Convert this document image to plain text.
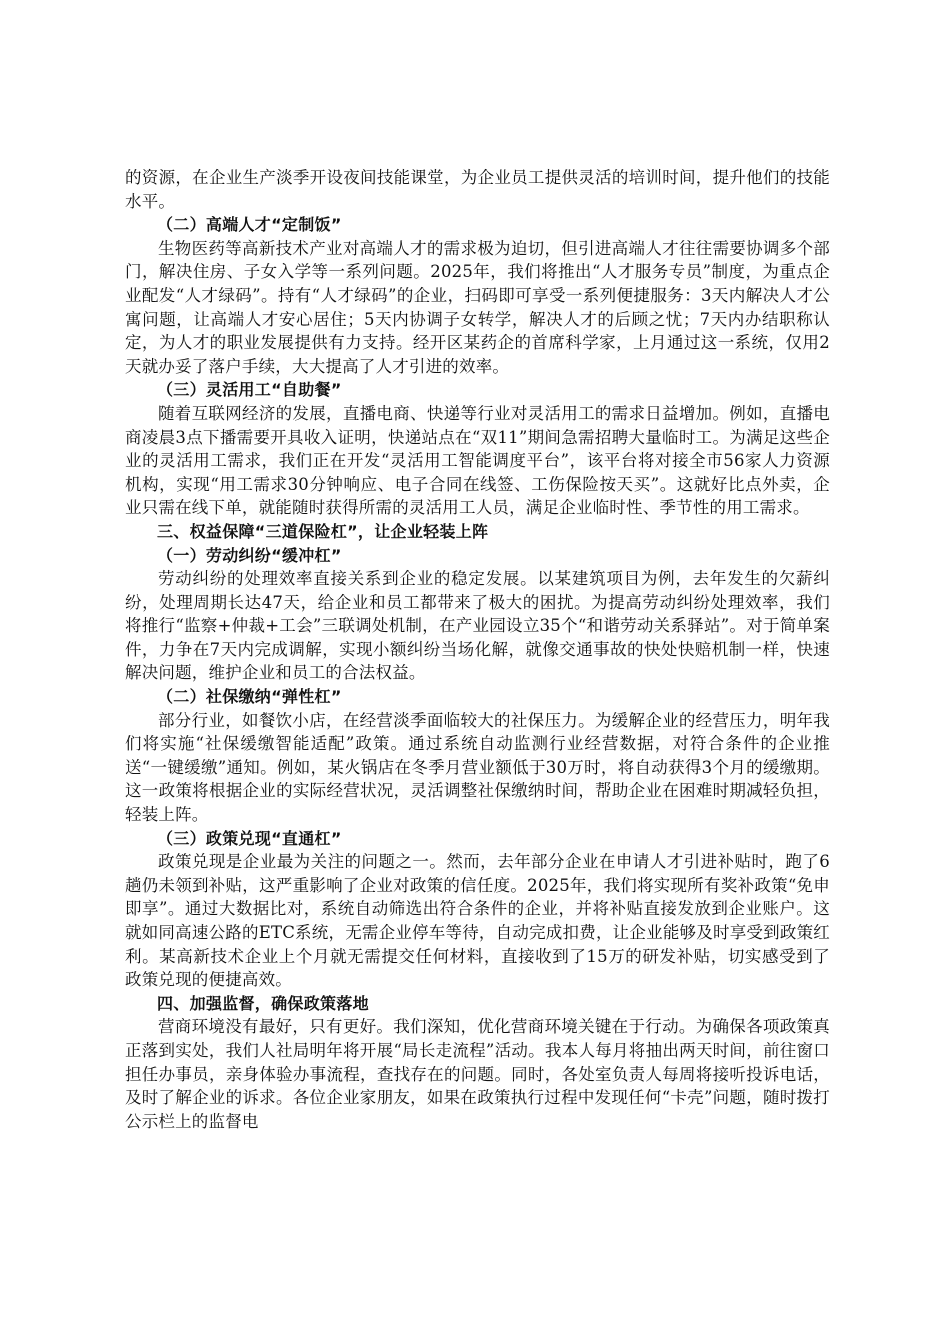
的资源，在企业生产淡季开设夜间技能课堂，为企业员工提供灵活的培训时间，提升他们的技能水平。

（二）高端人才“定制饭”

生物医药等高新技术产业对高端人才的需求极为迫切，但引进高端人才往往需要协调多个部门，解决住房、子女入学等一系列问题。2025年，我们将推出“人才服务专员”制度，为重点企业配发“人才绿码”。持有“人才绿码”的企业，扫码即可享受一系列便捷服务：3天内解决人才公寓问题，让高端人才安心居住；5天内协调子女转学，解决人才的后顾之忧；7天内办结职称认定，为人才的职业发展提供有力支持。经开区某药企的首席科学家，上月通过这一系统，仅用2天就办妥了落户手续，大大提高了人才引进的效率。

（三）灵活用工“自助餐”

随着互联网经济的发展，直播电商、快递等行业对灵活用工的需求日益增加。例如，直播电商凌晨3点下播需要开具收入证明，快递站点在“双11”期间急需招聘大量临时工。为满足这些企业的灵活用工需求，我们正在开发“灵活用工智能调度平台”，该平台将对接全市56家人力资源机构，实现“用工需求30分钟响应、电子合同在线签、工伤保险按天买”。这就好比点外卖，企业只需在线下单，就能随时获得所需的灵活用工人员，满足企业临时性、季节性的用工需求。

三、权益保障“三道保险杠”，让企业轻装上阵

（一）劳动纠纷“缓冲杠”

劳动纠纷的处理效率直接关系到企业的稳定发展。以某建筑项目为例，去年发生的欠薪纠纷，处理周期长达47天，给企业和员工都带来了极大的困扰。为提高劳动纠纷处理效率，我们将推行“监察+仲裁+工会”三联调处机制，在产业园设立35个“和谐劳动关系驿站”。对于简单案件，力争在7天内完成调解，实现小额纠纷当场化解，就像交通事故的快处快赔机制一样，快速解决问题，维护企业和员工的合法权益。

（二）社保缴纳“弹性杠”

部分行业，如餐饮小店，在经营淡季面临较大的社保压力。为缓解企业的经营压力，明年我们将实施“社保缓缴智能适配”政策。通过系统自动监测行业经营数据，对符合条件的企业推送“一键缓缴”通知。例如，某火锅店在冬季月营业额低于30万时，将自动获得3个月的缓缴期。这一政策将根据企业的实际经营状况，灵活调整社保缴纳时间，帮助企业在困难时期减轻负担，轻装上阵。

（三）政策兑现“直通杠”

政策兑现是企业最为关注的问题之一。然而，去年部分企业在申请人才引进补贴时，跑了6趟仍未领到补贴，这严重影响了企业对政策的信任度。2025年，我们将实现所有奖补政策“免申即享”。通过大数据比对，系统自动筛选出符合条件的企业，并将补贴直接发放到企业账户。这就如同高速公路的ETC系统，无需企业停车等待，自动完成扣费，让企业能够及时享受到政策红利。某高新技术企业上个月就无需提交任何材料，直接收到了15万的研发补贴，切实感受到了政策兑现的便捷高效。

四、加强监督，确保政策落地

营商环境没有最好，只有更好。我们深知，优化营商环境关键在于行动。为确保各项政策真正落到实处，我们人社局明年将开展“局长走流程”活动。我本人每月将抽出两天时间，前往窗口担任办事员，亲身体验办事流程，查找存在的问题。同时，各处室负责人每周将接听投诉电话，及时了解企业的诉求。各位企业家朋友，如果在政策执行过程中发现任何“卡壳”问题，随时拨打公示栏上的监督电
